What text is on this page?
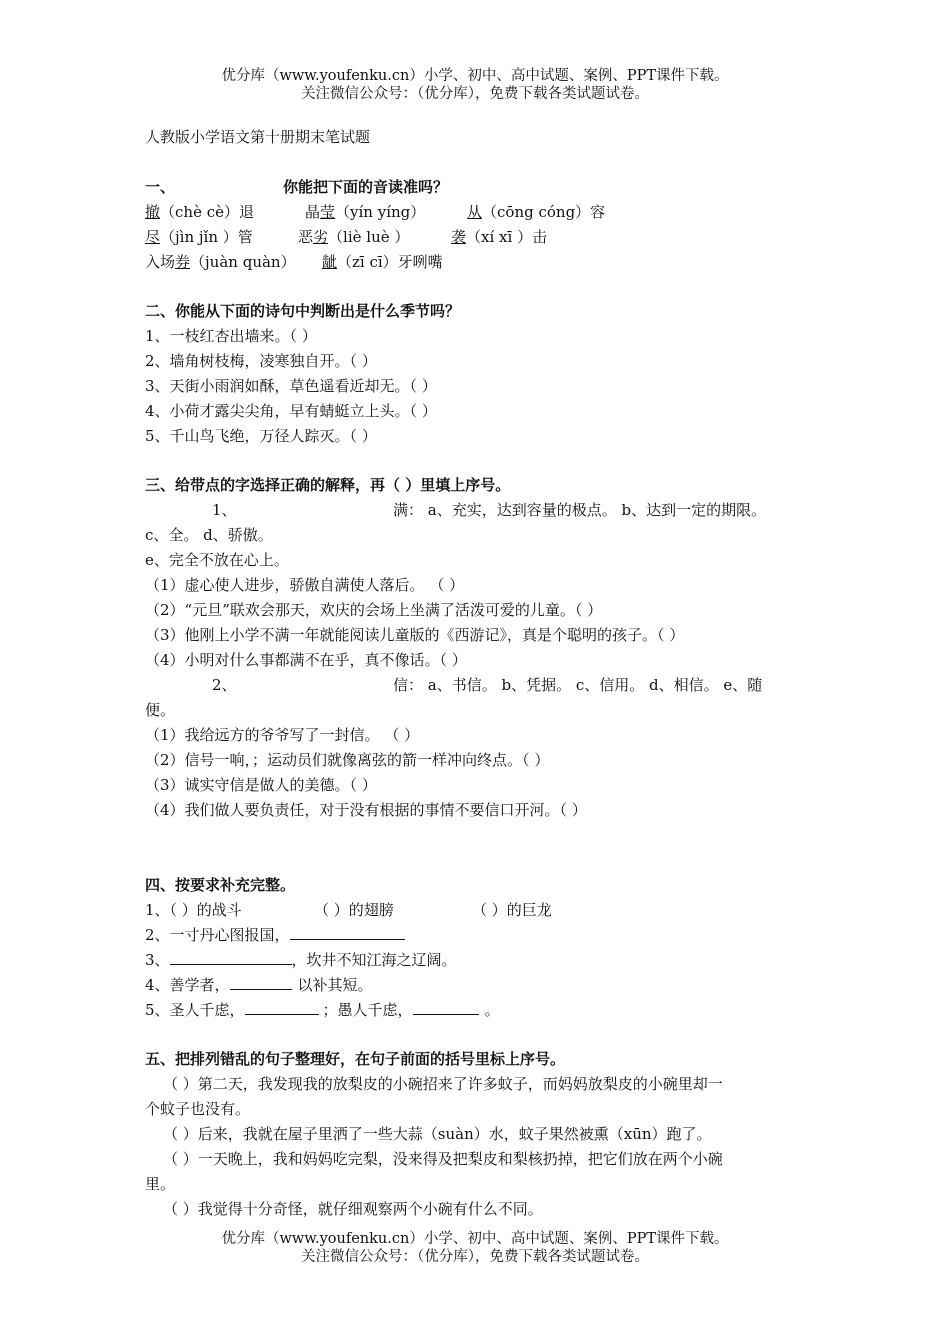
优分库（www.youfenku.cn）小学、初中、高中试题、案例、PPT课件下载。
关注微信公众号：（优分库），免费下载各类试题试卷。
人教版小学语文第十册期末笔试题
一、	你能把下面的音读准吗？
撤（chè cè）退	晶莹（yín yíng）	从（cōng cóng）容
尽（jìn jǐn ）管	恶劣（liè luè ）	袭（xí xī ）击
入场券（juàn quàn） 龇（zī cī）牙咧嘴
二、你能从下面的诗句中判断出是什么季节吗？
1、一枝红杏出墙来。（ ）
2、墙角树枝梅，凌寒独自开。（ ）
3、天街小雨润如酥，草色遥看近却无。（ ）
4、小荷才露尖尖角，早有蜻蜓立上头。（ ）
5、千山鸟飞绝，万径人踪灭。（ ）
三、给带点的字选择正确的解释，再（ ）里填上序号。
1、	满： a、充实，达到容量的极点。 b、达到一定的期限。
c、全。 d、骄傲。
e、完全不放在心上。
（1）虚心使人进步，骄傲自满使人落后。 （ ）
（2）“元旦”联欢会那天，欢庆的会场上坐满了活泼可爱的儿童。（ ）
（3）他刚上小学不满一年就能阅读儿童版的《西游记》，真是个聪明的孩子。（ ）
（4）小明对什么事都满不在乎，真不像话。（ ）
2、	信： a、书信。 b、凭据。 c、信用。 d、相信。 e、随
便。
（1）我给远方的爷爷写了一封信。 （ ）
（2）信号一响，；运动员们就像离弦的箭一样冲向终点。（ ）
（3）诚实守信是做人的美德。（ ）
（4）我们做人要负责任，对于没有根据的事情不要信口开河。（ ）
四、按要求补充完整。
1、（ ）的战斗	（ ）的翅膀	（ ）的巨龙
2、一寸丹心图报国，
3、	，坎井不知江海之辽阔。
4、善学者，	以补其短。
5、圣人千虑，	；愚人千虑，	。
五、把排列错乱的句子整理好，在句子前面的括号里标上序号。
（ ）第二天，我发现我的放梨皮的小碗招来了许多蚊子，而妈妈放梨皮的小碗里却一
个蚊子也没有。
（ ）后来，我就在屋子里洒了一些大蒜（suàn）水，蚊子果然被熏（xūn）跑了。
（ ）一天晚上，我和妈妈吃完梨，没来得及把梨皮和梨核扔掉，把它们放在两个小碗
里。
（ ）我觉得十分奇怪，就仔细观察两个小碗有什么不同。
优分库（www.youfenku.cn）小学、初中、高中试题、案例、PPT课件下载。
关注微信公众号：（优分库），免费下载各类试题试卷。
